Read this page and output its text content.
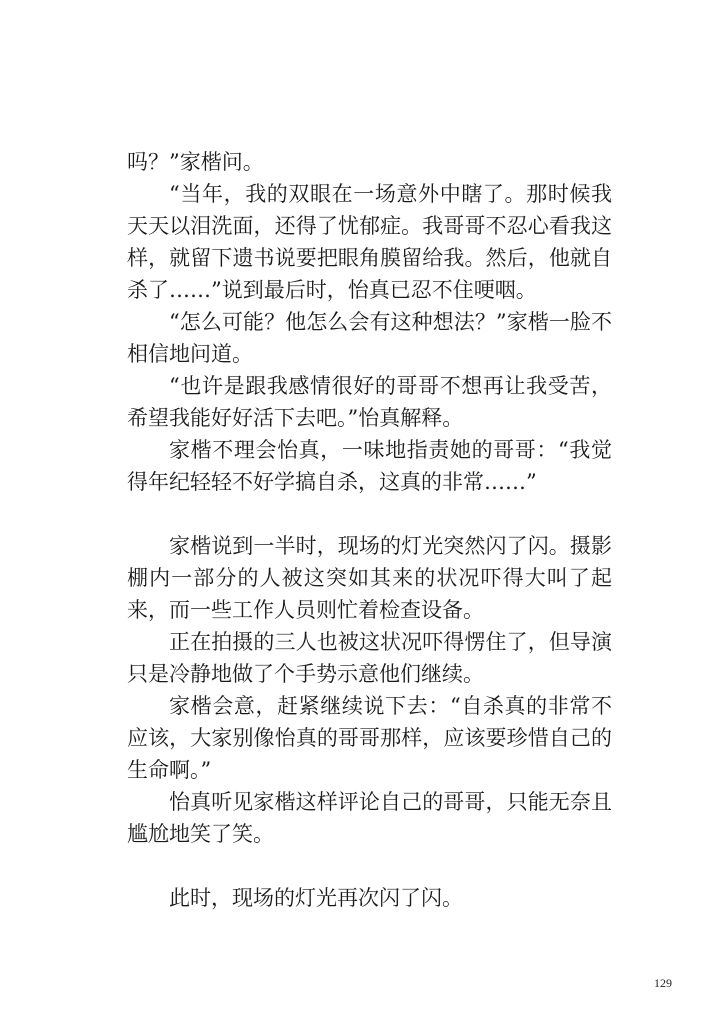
吗？”家楷问。

“当年，我的双眼在一场意外中瞎了。那时候我天天以泪洗面，还得了忧郁症。我哥哥不忍心看我这样，就留下遗书说要把眼角膜留给我。然后，他就自杀了……”说到最后时，怡真已忍不住哽咽。

“怎么可能？他怎么会有这种想法？”家楷一脸不相信地问道。

“也许是跟我感情很好的哥哥不想再让我受苦，希望我能好好活下去吧。”怡真解释。

家楷不理会怡真，一味地指责她的哥哥：“我觉得年纪轻轻不好学搞自杀，这真的非常……”

家楷说到一半时，现场的灯光突然闪了闪。摄影棚内一部分的人被这突如其来的状况吓得大叫了起来，而一些工作人员则忙着检查设备。

正在拍摄的三人也被这状况吓得愣住了，但导演只是冷静地做了个手势示意他们继续。

家楷会意，赶紧继续说下去：“自杀真的非常不应该，大家别像怡真的哥哥那样，应该要珍惜自己的生命啊。”

怡真听见家楷这样评论自己的哥哥，只能无奈且尴尬地笑了笑。

此时，现场的灯光再次闪了闪。

129
